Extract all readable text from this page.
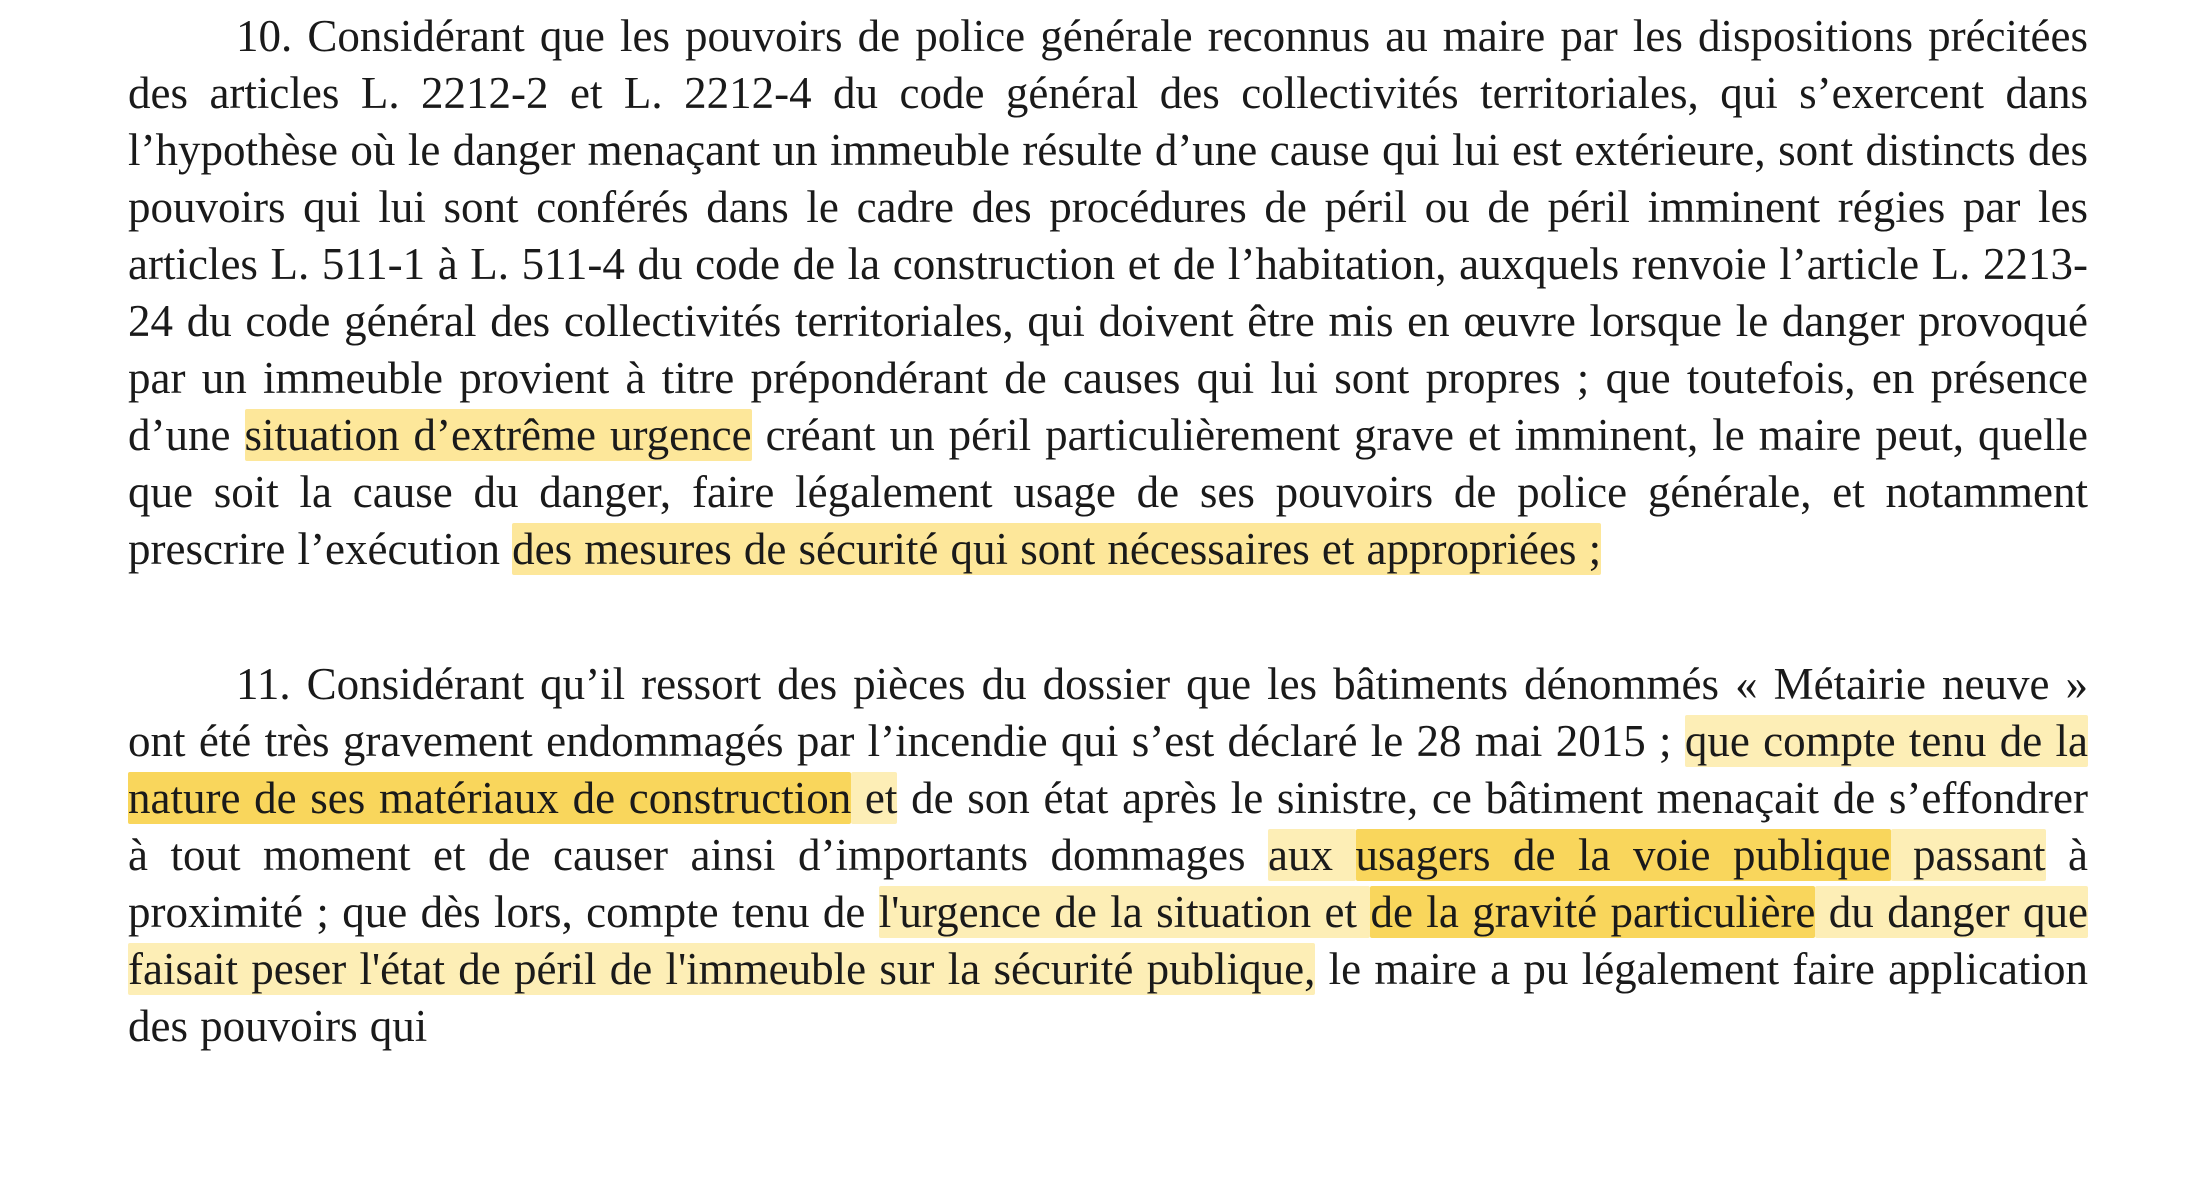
10. Considérant que les pouvoirs de police générale reconnus au maire par les dispositions précitées des articles L. 2212-2 et L. 2212-4 du code général des collectivités territoriales, qui s’exercent dans l’hypothèse où le danger menaçant un immeuble résulte d’une cause qui lui est extérieure, sont distincts des pouvoirs qui lui sont conférés dans le cadre des procédures de péril ou de péril imminent régies par les articles L. 511-1 à L. 511-4 du code de la construction et de l’habitation, auxquels renvoie l’article L. 2213-24 du code général des collectivités territoriales, qui doivent être mis en œuvre lorsque le danger provoqué par un immeuble provient à titre prépondérant de causes qui lui sont propres ; que toutefois, en présence d’une situation d’extrême urgence créant un péril particulièrement grave et imminent, le maire peut, quelle que soit la cause du danger, faire légalement usage de ses pouvoirs de police générale, et notamment prescrire l’exécution des mesures de sécurité qui sont nécessaires et appropriées ;

11. Considérant qu’il ressort des pièces du dossier que les bâtiments dénommés « Métairie neuve » ont été très gravement endommagés par l’incendie qui s’est déclaré le 28 mai 2015 ; que compte tenu de la nature de ses matériaux de construction et de son état après le sinistre, ce bâtiment menaçait de s’effondrer à tout moment et de causer ainsi d’importants dommages aux usagers de la voie publique passant à proximité ; que dès lors, compte tenu de l'urgence de la situation et de la gravité particulière du danger que faisait peser l'état de péril de l'immeuble sur la sécurité publique, le maire a pu légalement faire application des pouvoirs qui
